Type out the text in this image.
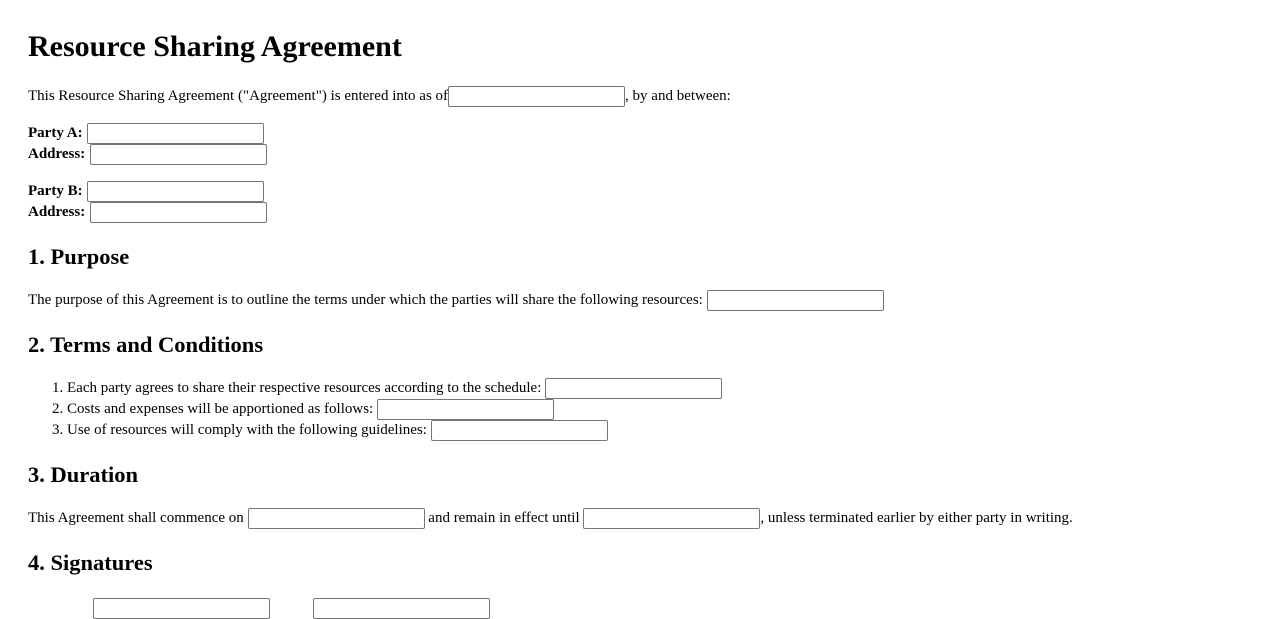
Resource Sharing Agreement
This Resource Sharing Agreement ("Agreement") is entered into as of	, by and between:
Party A:
Address:
Party B:
Address:
1. Purpose
The purpose of this Agreement is to outline the terms under which the parties will share the following resources:
2. Terms and Conditions
1. Each party agrees to share their respective resources according to the schedule:
2. Costs and expenses will be apportioned as follows:
3. Use of resources will comply with the following guidelines:
3. Duration
This Agreement shall commence on	and remain in effect until	, unless terminated earlier by either party in writing.
4. Signatures
